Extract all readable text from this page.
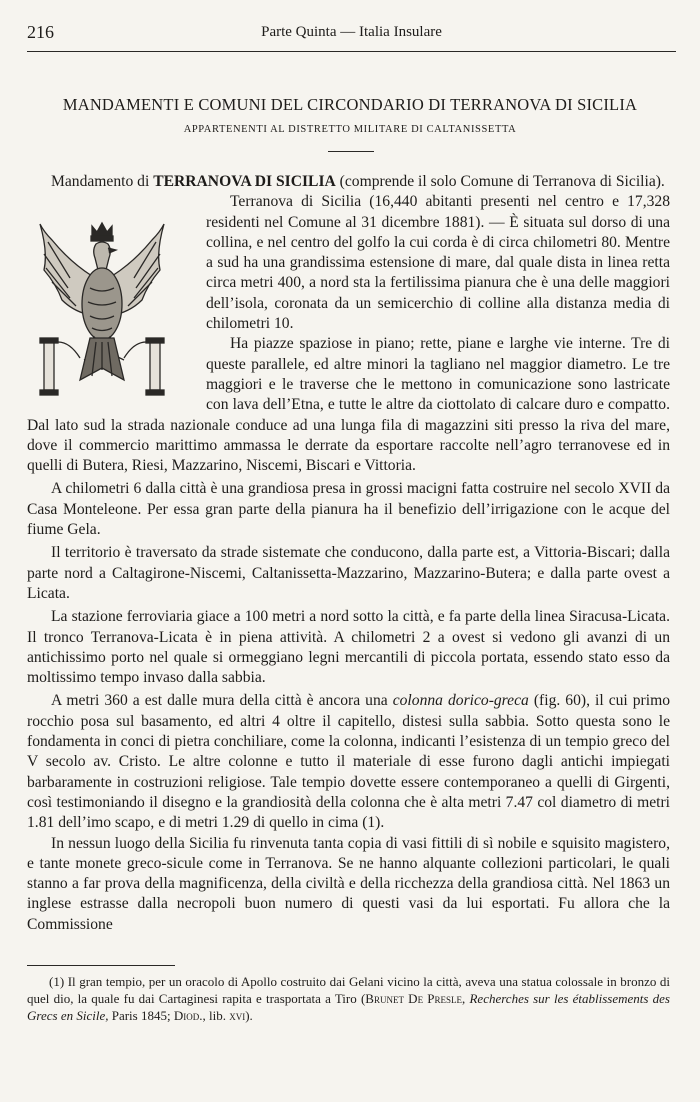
216	Parte Quinta — Italia Insulare
MANDAMENTI E COMUNI DEL CIRCONDARIO DI TERRANOVA DI SICILIA
APPARTENENTI AL DISTRETTO MILITARE DI CALTANISSETTA

Mandamento di TERRANOVA DI SICILIA (comprende il solo Comune di Terranova di Sicilia).

Terranova di Sicilia (16,440 abitanti presenti nel centro e 17,328 residenti nel Comune al 31 dicembre 1881). — È situata sul dorso di una collina, e nel centro del golfo la cui corda è di circa chilometri 80. Mentre a sud ha una grandissima estensione di mare, dal quale dista in linea retta circa metri 400, a nord sta la fertilissima pianura che è una delle maggiori dell’isola, coronata da un semicerchio di colline alla distanza media di chilometri 10.

Ha piazze spaziose in piano; rette, piane e larghe vie interne. Tre di queste parallele, ed altre minori la tagliano nel maggior diametro. Le tre maggiori e le traverse che le mettono in comunicazione sono lastricate con lava dell’Etna, e tutte le altre da ciottolato di calcare duro e compatto. Dal lato sud la strada nazionale conduce ad una lunga fila di magazzini siti presso la riva del mare, dove il commercio marittimo ammassa le derrate da esportare raccolte nell’agro terranovese ed in quelli di Butera, Riesi, Mazzarino, Niscemi, Biscari e Vittoria.

A chilometri 6 dalla città è una grandiosa presa in grossi macigni fatta costruire nel secolo XVII da Casa Monteleone. Per essa gran parte della pianura ha il benefizio dell’irrigazione con le acque del fiume Gela.

Il territorio è traversato da strade sistemate che conducono, dalla parte est, a Vittoria-Biscari; dalla parte nord a Caltagirone-Niscemi, Caltanissetta-Mazzarino, Mazzarino-Butera; e dalla parte ovest a Licata.

La stazione ferroviaria giace a 100 metri a nord sotto la città, e fa parte della linea Siracusa-Licata. Il tronco Terranova-Licata è in piena attività. A chilometri 2 a ovest si vedono gli avanzi di un antichissimo porto nel quale si ormeggiano legni mercantili di piccola portata, essendo stato esso da moltissimo tempo invaso dalla sabbia.

A metri 360 a est dalle mura della città è ancora una colonna dorico-greca (fig. 60), il cui primo rocchio posa sul basamento, ed altri 4 oltre il capitello, distesi sulla sabbia. Sotto questa sono le fondamenta in conci di pietra conchiliare, come la colonna, indicanti l’esistenza di un tempio greco del V secolo av. Cristo. Le altre colonne e tutto il materiale di esse furono dagli antichi impiegati barbaramente in costruzioni religiose. Tale tempio dovette essere contemporaneo a quelli di Girgenti, così testimoniando il disegno e la grandiosità della colonna che è alta metri 7.47 col diametro di metri 1.81 dell’imo scapo, e di metri 1.29 di quello in cima (1).

In nessun luogo della Sicilia fu rinvenuta tanta copia di vasi fittili di sì nobile e squisito magistero, e tante monete greco-sicule come in Terranova. Se ne hanno alquante collezioni particolari, le quali stanno a far prova della magnificenza, della civiltà e della ricchezza della grandiosa città. Nel 1863 un inglese estrasse dalla necropoli buon numero di questi vasi da lui esportati. Fu allora che la Commissione

(1) Il gran tempio, per un oracolo di Apollo costruito dai Gelani vicino la città, aveva una statua colossale in bronzo di quel dio, la quale fu dai Cartaginesi rapita e trasportata a Tiro (Brunet De Presle, Recherches sur les établissements des Grecs en Sicile, Paris 1845; Diod., lib. xvi).
